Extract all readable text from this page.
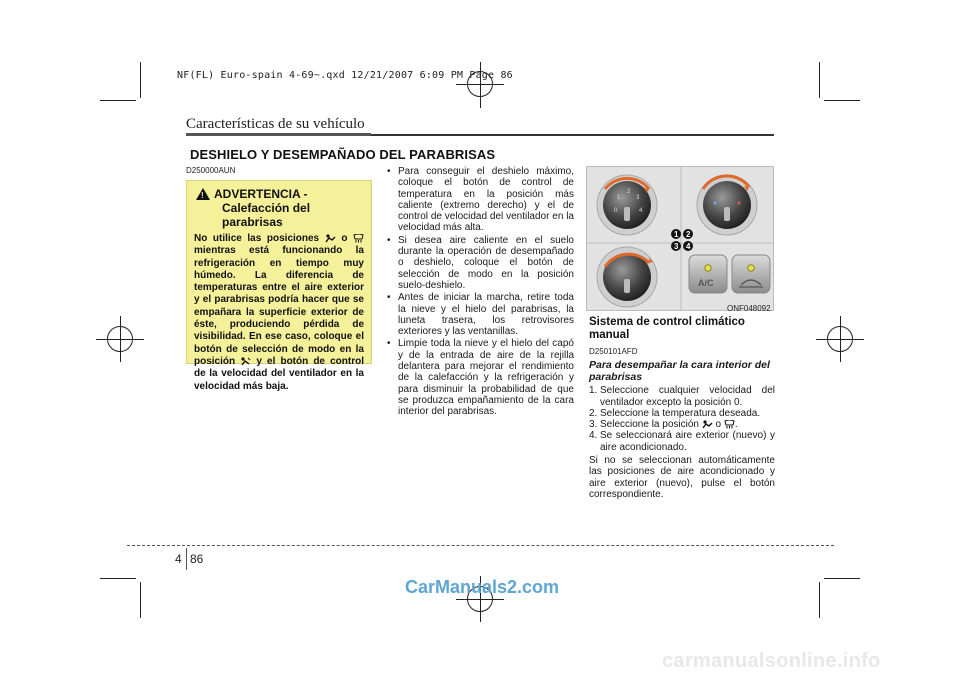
NF(FL) Euro-spain 4-69~.qxd 12/21/2007 6:09 PM Page 86
Características de su vehículo
DESHIELO Y DESEMPAÑADO DEL PARABRISAS
D250000AUN
! ADVERTENCIA -
Calefacción del parabrisas
No utilice las posiciones o  mientras está funcionando la refrigeración en tiempo muy húmedo. La diferencia de temperaturas entre el aire exterior y el parabrisas podría hacer que se empañara la superficie exterior de éste, produciendo pérdida de visibilidad. En ese caso, coloque el botón de selección de modo en la posición y el botón de control de la velocidad del ventilador en la velocidad más baja.
• Para conseguir el deshielo máximo, coloque el botón de control de temperatura en la posición más caliente (extremo derecho) y el de control de velocidad del ventilador en la velocidad más alta.
• Si desea aire caliente en el suelo durante la operación de desempañado o deshielo, coloque el botón de selección de modo en la posición suelo-deshielo.
• Antes de iniciar la marcha, retire toda la nieve y el hielo del parabrisas, la luneta trasera, los retrovisores exteriores y las ventanillas.
• Limpie toda la nieve y el hielo del capó y de la entrada de aire de la rejilla delantera para mejorar el rendimiento de la calefacción y la refrigeración y para disminuir la probabilidad de que se produzca empañamiento de la cara interior del parabrisas.
0
1
2
3
4
A/C
1 2
3 4
ONF048092
Sistema de control climático manual
D250101AFD
Para desempañar la cara interior del parabrisas
1. Seleccione cualquier velocidad del ventilador excepto la posición 0.
2. Seleccione la temperatura deseada.
3. Seleccione la posición o .
4. Se seleccionará aire exterior (nuevo) y aire acondicionado.
Si no se seleccionan automáticamente las posiciones de aire acondicionado y aire exterior (nuevo), pulse el botón correspondiente.
4 86
CarManuals2.com
carmanualsonline.info
